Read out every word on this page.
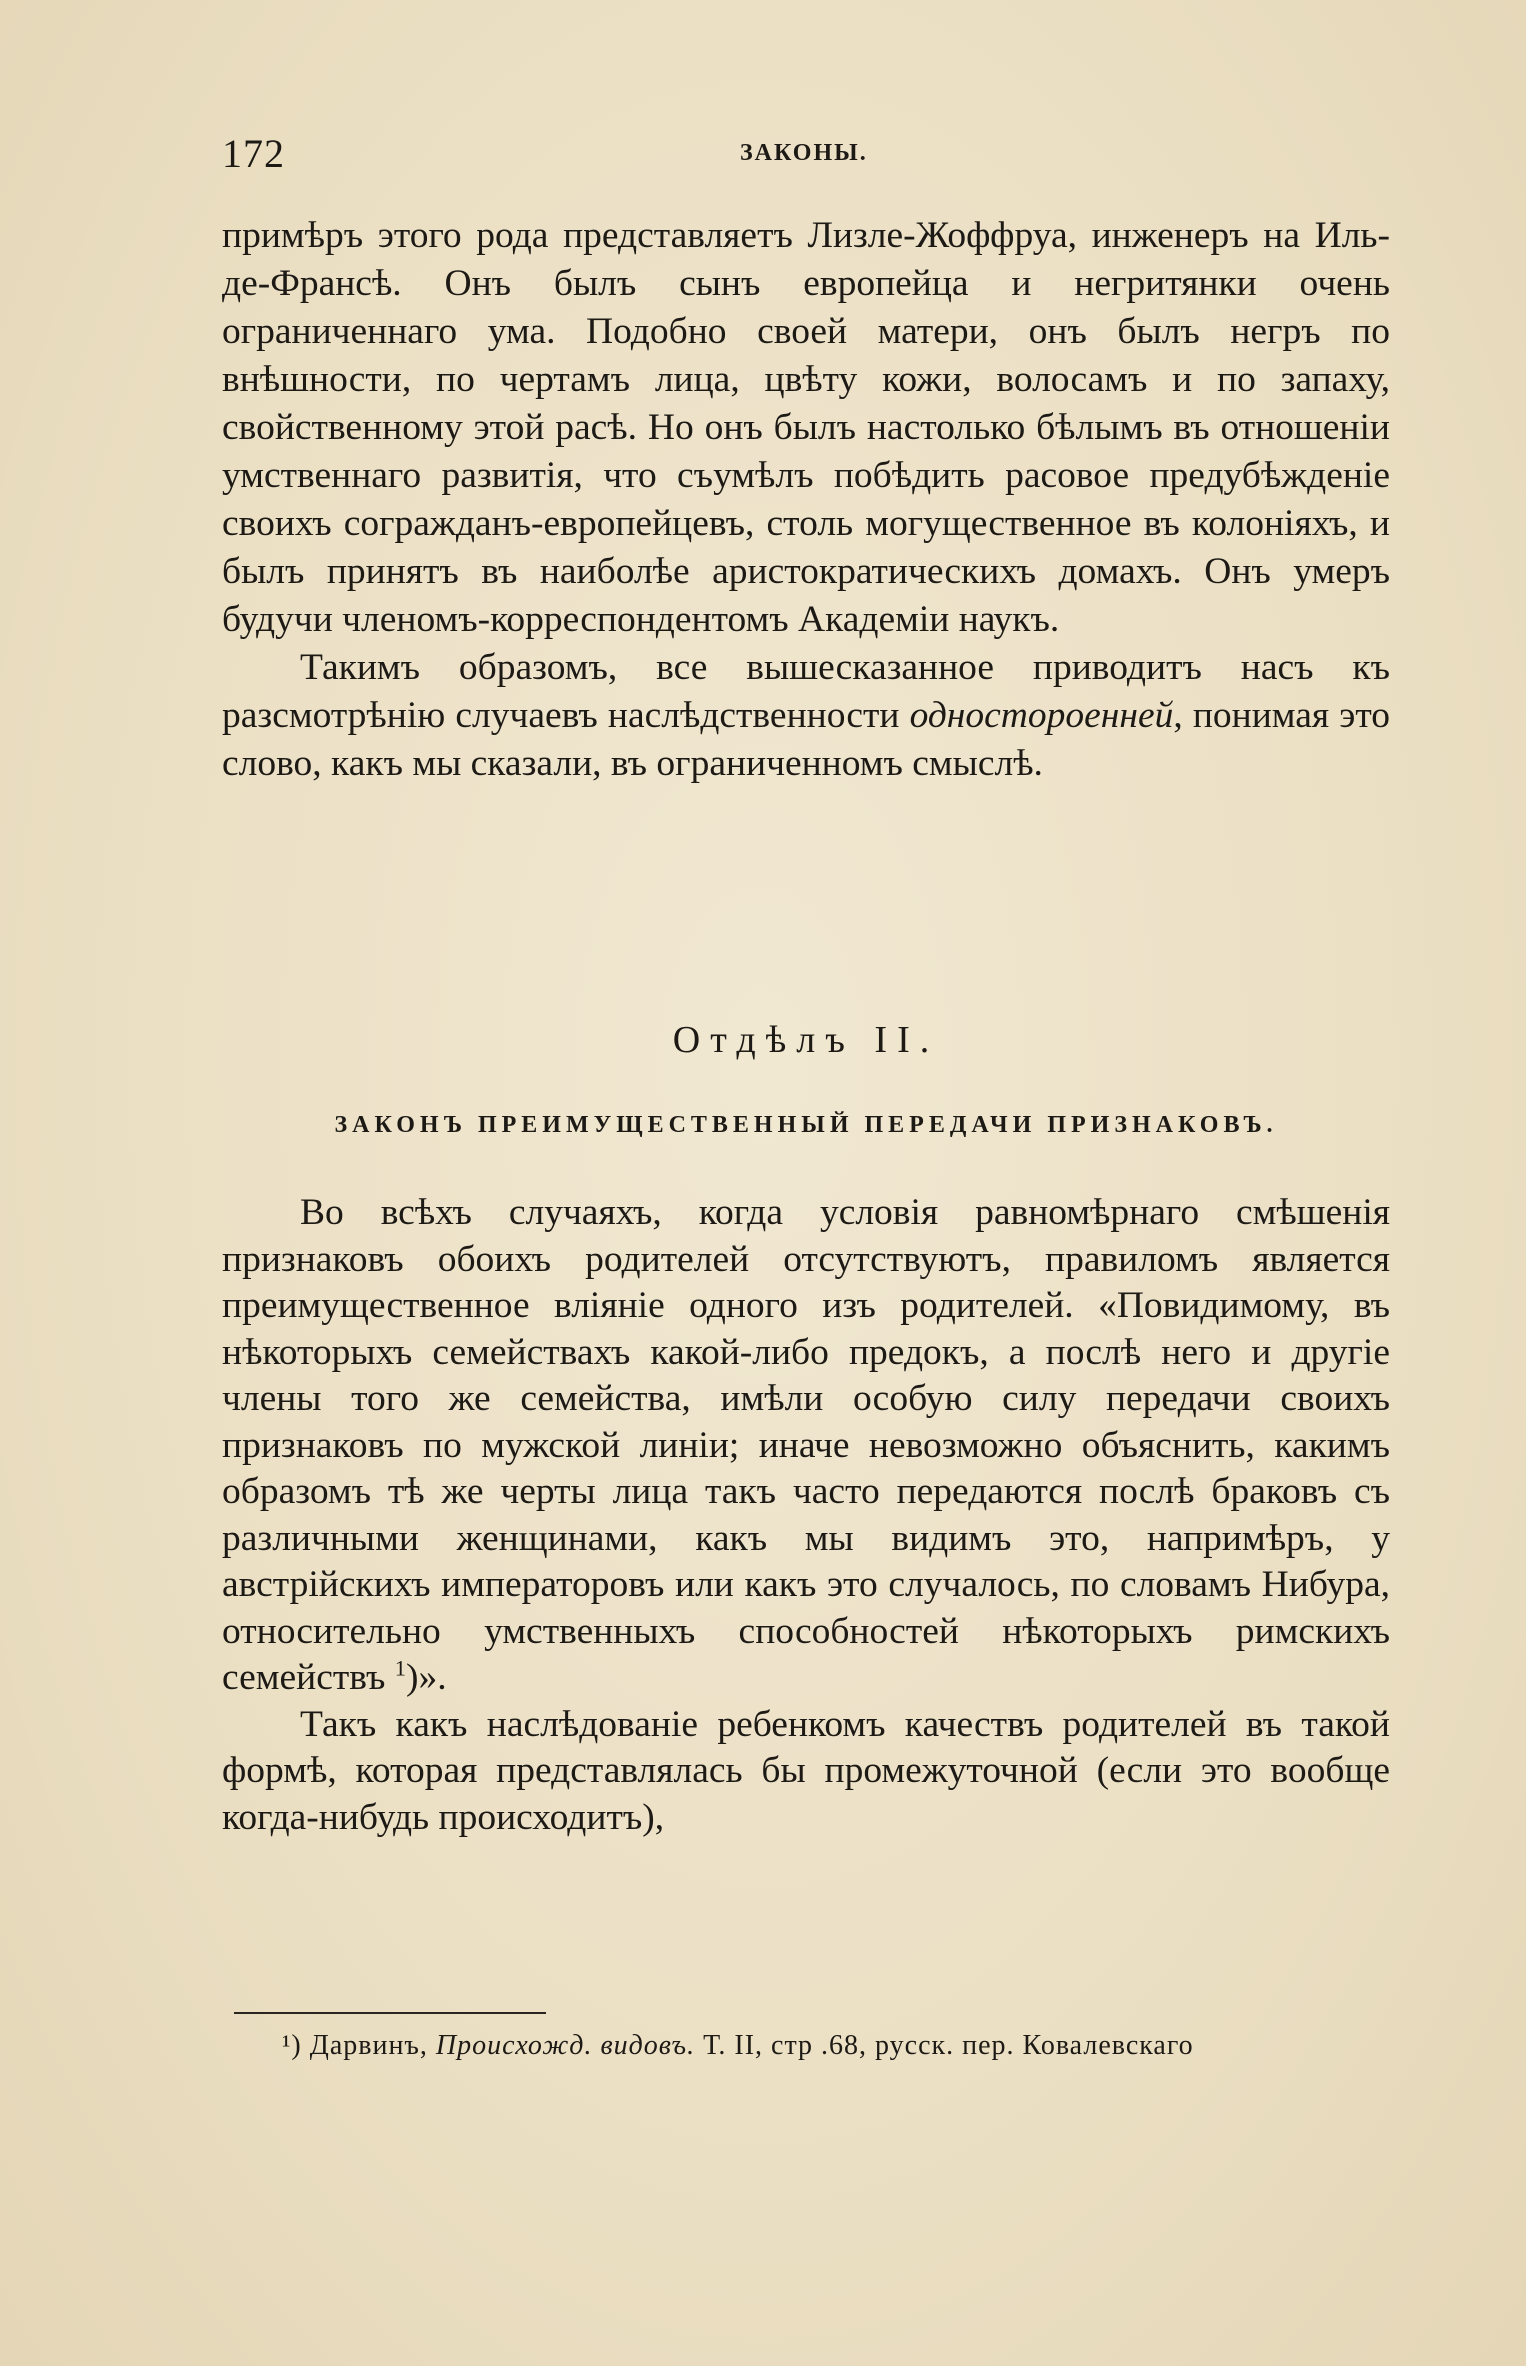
172	ЗАКОНЫ.

примѣръ этого рода представляетъ Лизле-Жоффруа, инженеръ на Иль-де-Франсѣ. Онъ былъ сынъ европейца и негритянки очень ограниченнаго ума. Подобно своей матери, онъ былъ негръ по внѣшности, по чертамъ лица, цвѣту кожи, волосамъ и по запаху, свойственному этой расѣ. Но онъ былъ настолько бѣлымъ въ отношеніи умственнаго развитія, что съумѣлъ побѣдить расовое предубѣжденіе своихъ согражданъ-европейцевъ, столь могущественное въ колоніяхъ, и былъ принятъ въ наиболѣе аристократическихъ домахъ. Онъ умеръ будучи членомъ-корреспондентомъ Академіи наукъ.

Такимъ образомъ, все вышесказанное приводитъ насъ къ разсмотрѣнію случаевъ наслѣдственности одностороенней, понимая это слово, какъ мы сказали, въ ограниченномъ смыслѣ.

Отдѣлъ II.
ЗАКОНЪ ПРЕИМУЩЕСТВЕННЫЙ ПЕРЕДАЧИ ПРИЗНАКОВЪ.

Во всѣхъ случаяхъ, когда условія равномѣрнаго смѣшенія признаковъ обоихъ родителей отсутствуютъ, правиломъ является преимущественное вліяніе одного изъ родителей. «Повидимому, въ нѣкоторыхъ семействахъ какой-либо предокъ, а послѣ него и другіе члены того же семейства, имѣли особую силу передачи своихъ признаковъ по мужской линіи; иначе невозможно объяснить, какимъ образомъ тѣ же черты лица такъ часто передаются послѣ браковъ съ различными женщинами, какъ мы видимъ это, напримѣръ, у австрійскихъ императоровъ или какъ это случалось, по словамъ Нибура, относительно умственныхъ способностей нѣкоторыхъ римскихъ семействъ $^1$)».

Такъ какъ наслѣдованіе ребенкомъ качествъ родителей въ такой формѣ, которая представлялась бы промежуточной (если это вообще когда-нибудь происходитъ),

¹) Дарвинъ, Происхожд. видовъ. Т. II, стр .68, русск. пер. Ковалевскаго
